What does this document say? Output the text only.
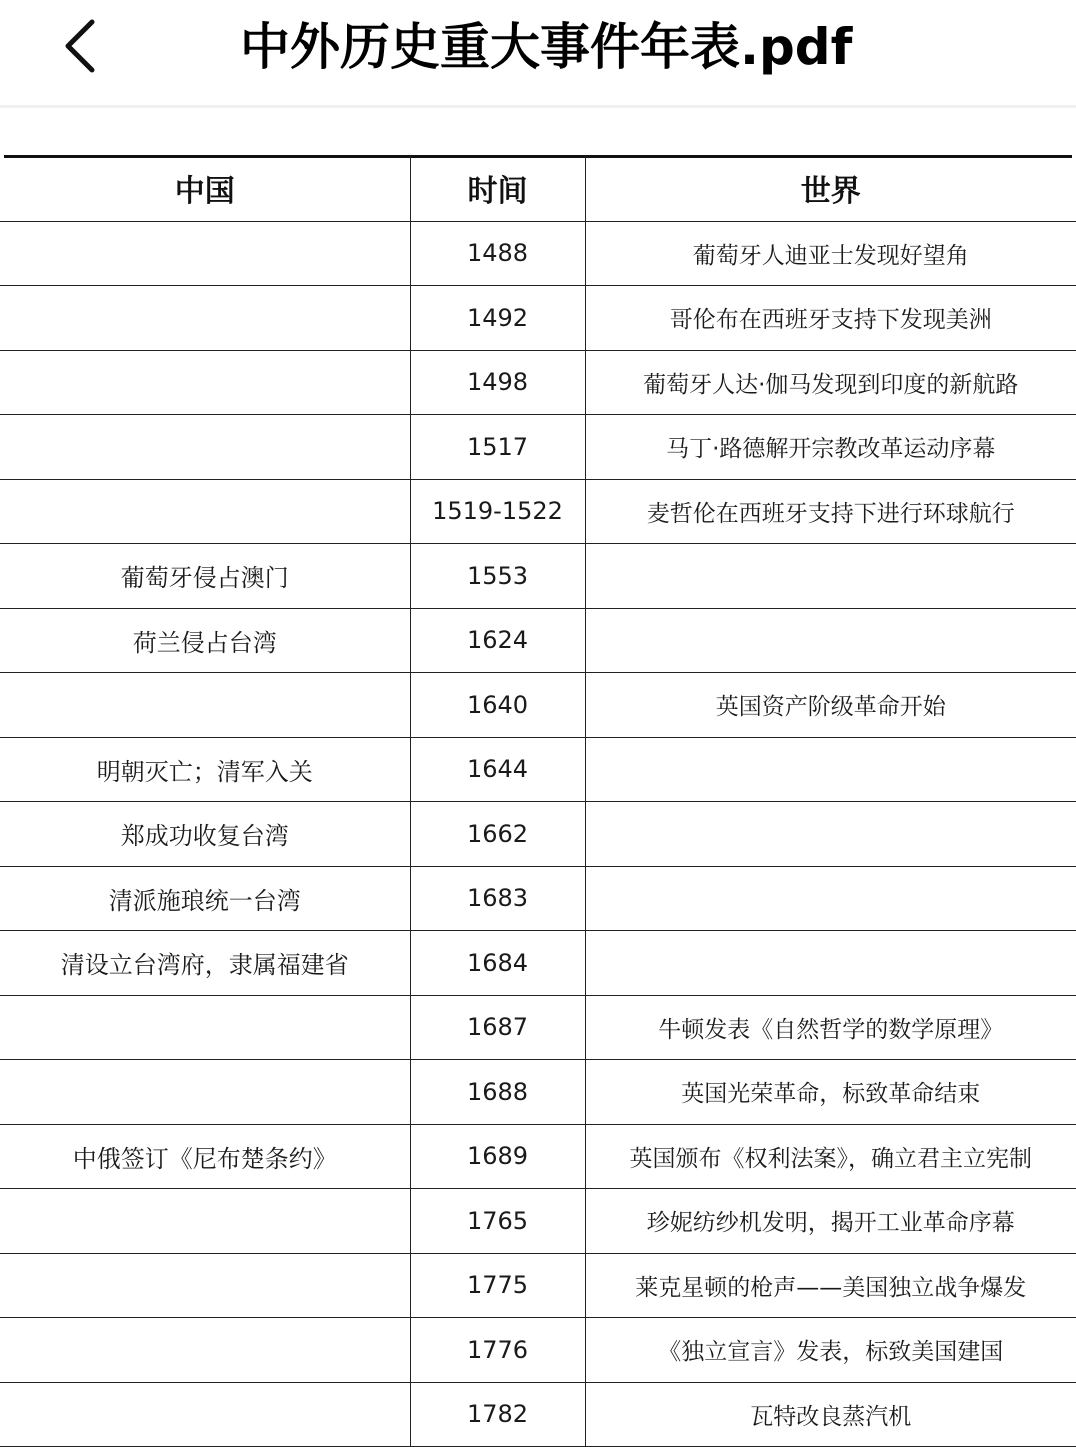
中外历史重大事件年表.pdf
中国	时间	世界
	1488	葡萄牙人迪亚士发现好望角
	1492	哥伦布在西班牙支持下发现美洲
	1498	葡萄牙人达·伽马发现到印度的新航路
	1517	马丁·路德解开宗教改革运动序幕
	1519-1522	麦哲伦在西班牙支持下进行环球航行
葡萄牙侵占澳门	1553	
荷兰侵占台湾	1624	
	1640	英国资产阶级革命开始
明朝灭亡；清军入关	1644	
郑成功收复台湾	1662	
清派施琅统一台湾	1683	
清设立台湾府，隶属福建省	1684	
	1687	牛顿发表《自然哲学的数学原理》
	1688	英国光荣革命，标致革命结束
中俄签订《尼布楚条约》	1689	英国颁布《权利法案》，确立君主立宪制
	1765	珍妮纺纱机发明，揭开工业革命序幕
	1775	莱克星顿的枪声——美国独立战争爆发
	1776	《独立宣言》发表，标致美国建国
	1782	瓦特改良蒸汽机
